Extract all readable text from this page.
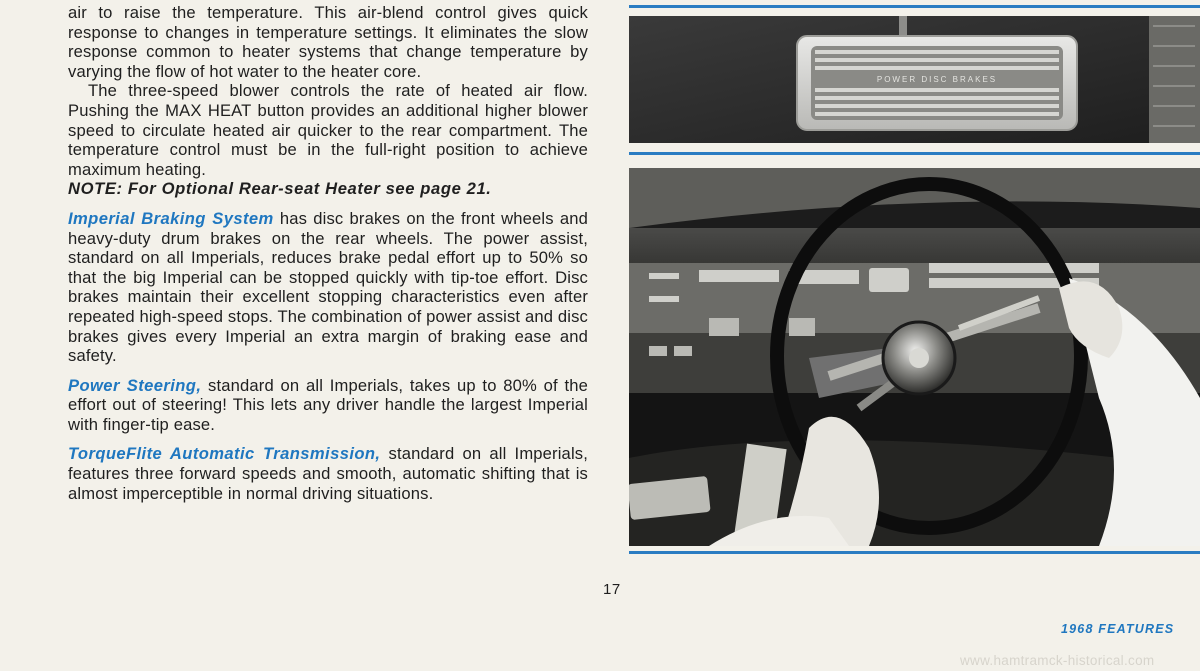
air to raise the temperature. This air-blend control gives quick response to changes in temperature settings. It eliminates the slow response common to heater systems that change temperature by varying the flow of hot water to the heater core.

The three-speed blower controls the rate of heated air flow. Pushing the MAX HEAT button provides an additional higher blower speed to circulate heated air quicker to the rear compartment. The temperature control must be in the full-right position to achieve maximum heating.

NOTE: For Optional Rear-seat Heater see page 21.

Imperial Braking System has disc brakes on the front wheels and heavy-duty drum brakes on the rear wheels. The power assist, standard on all Imperials, reduces brake pedal effort up to 50% so that the big Imperial can be stopped quickly with tip-toe effort. Disc brakes maintain their excellent stopping characteristics even after repeated high-speed stops. The combination of power assist and disc brakes gives every Imperial an extra margin of braking ease and safety.

Power Steering, standard on all Imperials, takes up to 80% of the effort out of steering! This lets any driver handle the largest Imperial with finger-tip ease.

TorqueFlite Automatic Transmission, standard on all Imperials, features three forward speeds and smooth, automatic shifting that is almost imperceptible in normal driving situations.

POWER DISC BRAKES
17
1968 FEATURES
www.hamtramck-historical.com
